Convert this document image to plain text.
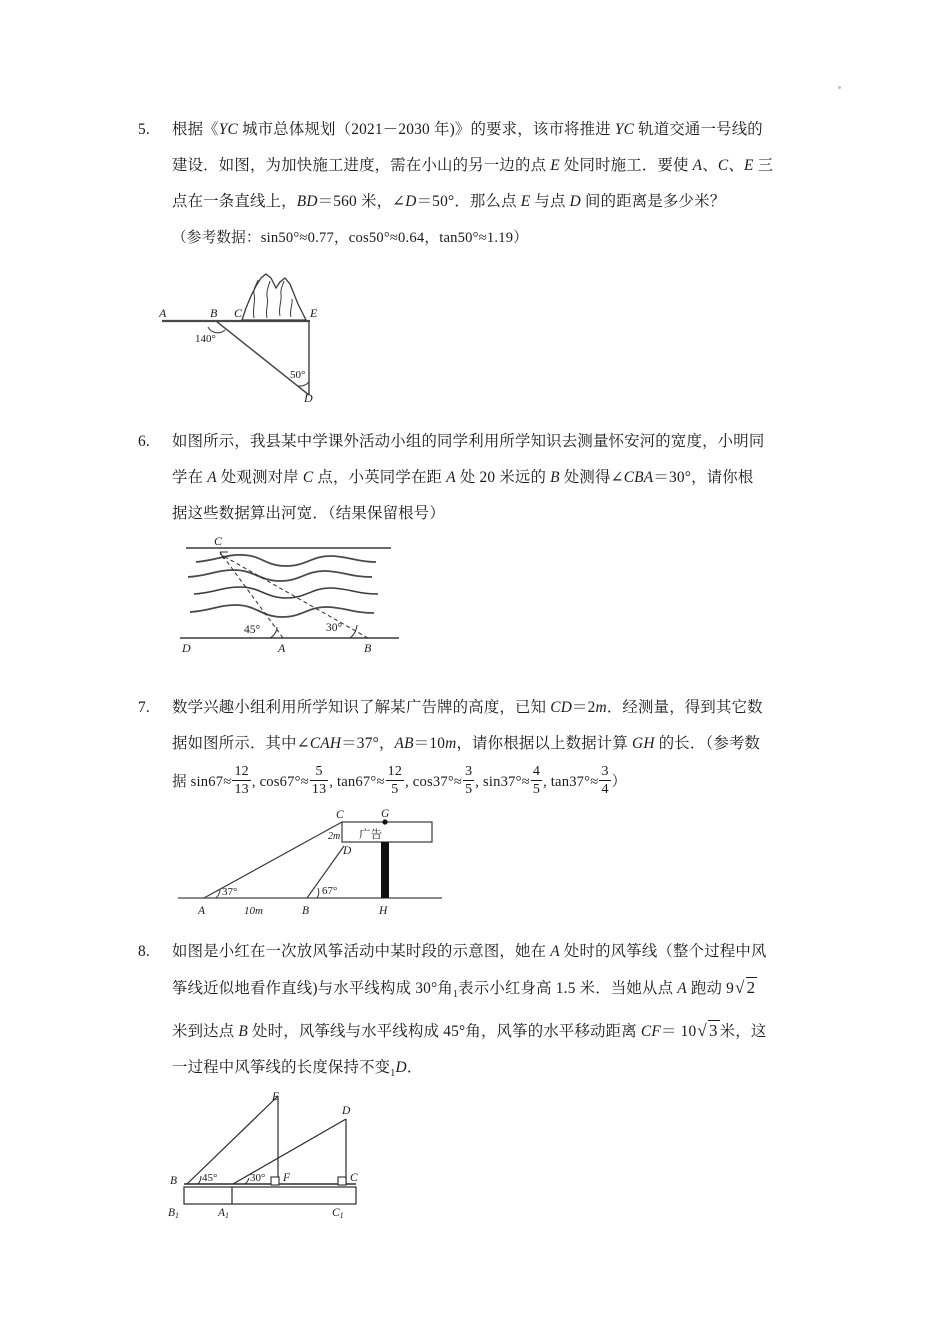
5.	根据《YC 城市总体规划（2021－2030 年)》的要求，该市将推进 YC 轨道交通一号线的
建设．如图，为加快施工进度，需在小山的另一边的点 E 处同时施工．要使 A、C、E 三
点在一条直线上，BD＝560 米，∠D＝50°．那么点 E 与点 D 间的距离是多少米？
（参考数据：sin50°≈0.77，cos50°≈0.64，tan50°≈1.19）
A	B C	E
D
140°
50°
6.	如图所示，我县某中学课外活动小组的同学利用所学知识去测量怀安河的宽度，小明同
学在 A 处观测对岸 C 点，小英同学在距 A 处 20 米远的 B 处测得∠CBA＝30°，请你根
据这些数据算出河宽．（结果保留根号）
C
D	A	B
45°	30°
7.	数学兴趣小组利用所学知识了解某广告牌的高度，已知 CD＝2m．经测量，得到其它数
据如图所示．其中∠CAH＝37°，AB＝10m，请你根据以上数据计算 GH 的长．（参考数
据 $\sin 67\approx \frac{12}{13}$ , $\cos 67^\circ\approx \frac{5}{13}$ , $\tan 67^\circ\approx \frac{12}{5}$ , $\cos 37^\circ\approx \frac{3}{5}$ , $\sin 37^\circ\approx \frac{4}{5}$ , $\tan 37^\circ\approx \frac{3}{4}$ ）
C	G
D
2m
A	10m	B	H
37°	67°
广告
8.	如图是小红在一次放风筝活动中某时段的示意图，她在 A 处时的风筝线（整个过程中风
筝线近似地看作直线)与水平线构成 30°角$_1$表示小红身高 1.5 米．当她从点 A 跑动 9√ 2
米到达点 B 处时，风筝线与水平线构成 45°角，风筝的水平移动距离 CF＝ 10√ 3 米，这
一过程中风筝线的长度保持不变$_1$D．
E
D
F	C
B
B1	A1	C1
45°	30°
